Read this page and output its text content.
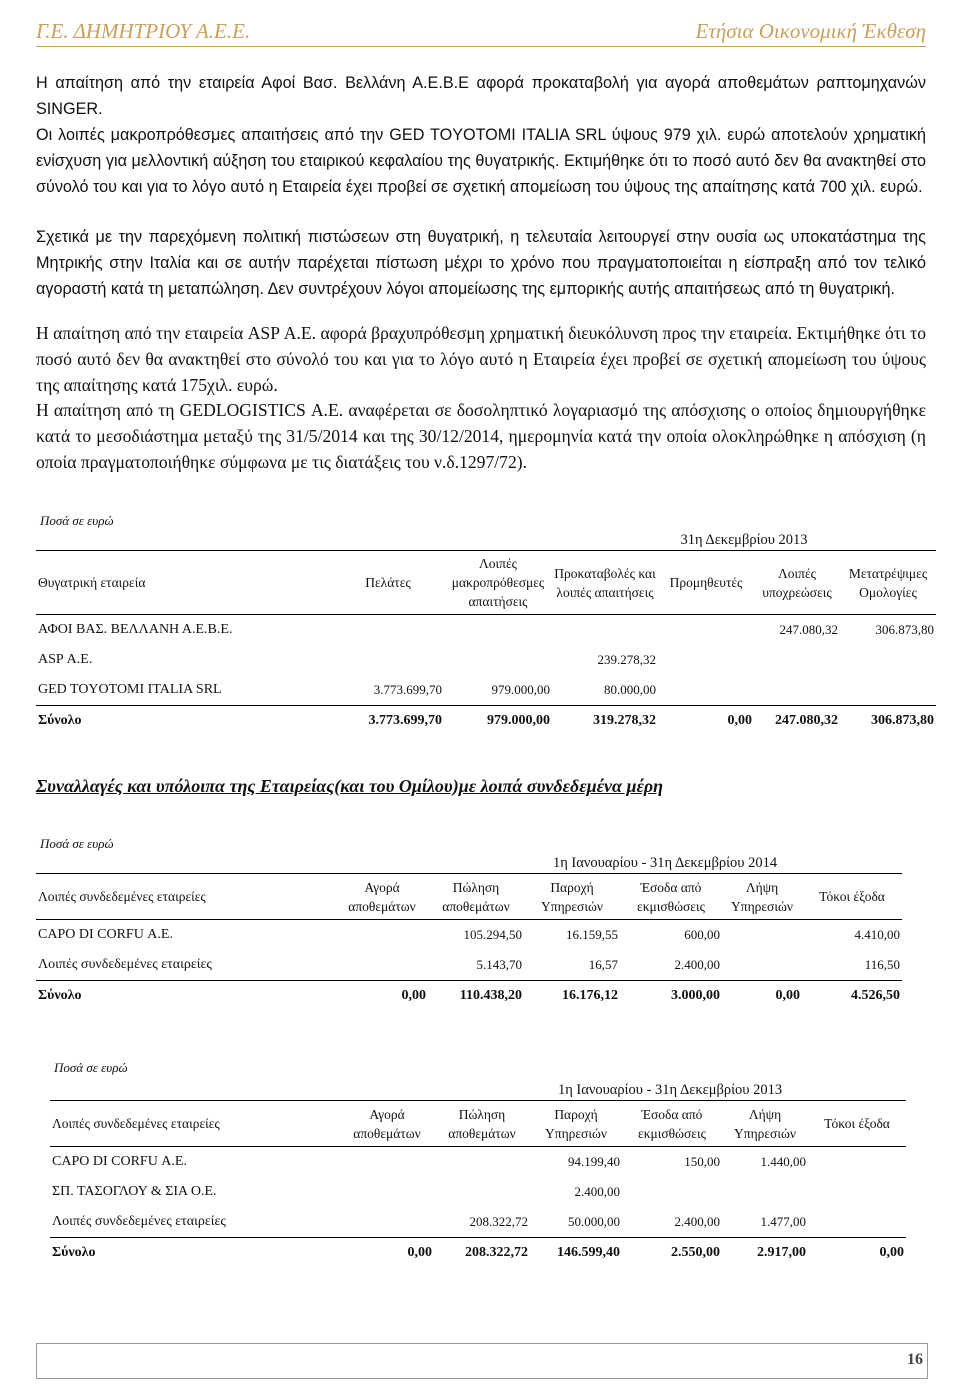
Γ.Ε. ΔΗΜΗΤΡΙΟΥ Α.Ε.Ε.	Ετήσια Οικονομική Έκθεση

Η απαίτηση από την εταιρεία Αφοί Βασ. Βελλάνη Α.Ε.Β.Ε αφορά προκαταβολή για αγορά αποθεμάτων ραπτομηχανών SINGER.

Οι λοιπές μακροπρόθεσμες απαιτήσεις από την GED TOYOTOMI ITALIA SRL ύψους 979 χιλ. ευρώ αποτελούν χρηματική ενίσχυση για μελλοντική αύξηση του εταιρικού κεφαλαίου της θυγατρικής. Εκτιμήθηκε ότι το ποσό αυτό δεν θα ανακτηθεί στο σύνολό του και για το λόγο αυτό η Εταιρεία έχει προβεί σε σχετική απομείωση του ύψους της απαίτησης κατά 700 χιλ. ευρώ.

Σχετικά με την παρεχόμενη πολιτική πιστώσεων στη θυγατρική, η τελευταία λειτουργεί στην ουσία ως υποκατάστημα της Μητρικής στην Ιταλία και σε αυτήν παρέχεται πίστωση μέχρι το χρόνο που πραγματοποιείται η είσπραξη από τον τελικό αγοραστή κατά τη μεταπώληση. Δεν συντρέχουν λόγοι απομείωσης της εμπορικής αυτής απαιτήσεως από τη θυγατρική.

Η απαίτηση από την εταιρεία ASP Α.Ε. αφορά βραχυπρόθεσμη χρηματική διευκόλυνση προς την εταιρεία. Εκτιμήθηκε ότι το ποσό αυτό δεν θα ανακτηθεί στο σύνολό του και για το λόγο αυτό η Εταιρεία έχει προβεί σε σχετική απομείωση του ύψους της απαίτησης κατά 175χιλ. ευρώ.

Η απαίτηση από τη GEDLOGISTICS Α.Ε. αναφέρεται σε δοσοληπτικό λογαριασμό της απόσχισης ο οποίος δημιουργήθηκε κατά το μεσοδιάστημα μεταξύ της 31/5/2014 και της 30/12/2014, ημερομηνία κατά την οποία ολοκληρώθηκε η απόσχιση (η οποία πραγματοποιήθηκε σύμφωνα με τις διατάξεις του ν.δ.1297/72).

Ποσά σε ευρώ
			31η Δεκεμβρίου 2013			
Θυγατρική εταιρεία	Πελάτες	Λοιπές μακροπρόθεσμες απαιτήσεις	Προκαταβολές και λοιπές απαιτήσεις	Προμηθευτές	Λοιπές υποχρεώσεις	Μετατρέψιμες Ομολογίες
ΑΦΟΙ ΒΑΣ. ΒΕΛΛΑΝΗ Α.Ε.Β.Ε.					247.080,32	306.873,80
ASP Α.Ε.			239.278,32			
GED TOYOTOMI ITALIA SRL	3.773.699,70	979.000,00	80.000,00			
Σύνολο	3.773.699,70	979.000,00	319.278,32	0,00	247.080,32	306.873,80
Συναλλαγές και υπόλοιπα της Εταιρείας(και του Ομίλου)με λοιπά συνδεδεμένα μέρη
Ποσά σε ευρώ
		1η Ιανουαρίου - 31η Δεκεμβρίου 2014				
Λοιπές συνδεδεμένες εταιρείες	Αγορά αποθεμάτων	Πώληση αποθεμάτων	Παροχή Υπηρεσιών	Έσοδα από εκμισθώσεις	Λήψη Υπηρεσιών	Τόκοι έξοδα
CAPO DI CORFU Α.Ε.		105.294,50	16.159,55	600,00		4.410,00
Λοιπές συνδεδεμένες εταιρείες		5.143,70	16,57	2.400,00		116,50
Σύνολο	0,00	110.438,20	16.176,12	3.000,00	0,00	4.526,50
Ποσά σε ευρώ
		1η Ιανουαρίου - 31η Δεκεμβρίου 2013				
Λοιπές συνδεδεμένες εταιρείες	Αγορά αποθεμάτων	Πώληση αποθεμάτων	Παροχή Υπηρεσιών	Έσοδα από εκμισθώσεις	Λήψη Υπηρεσιών	Τόκοι έξοδα
CAPO DI CORFU Α.Ε.			94.199,40	150,00	1.440,00	
ΣΠ. ΤΑΣΟΓΛΟΥ & ΣΙΑ Ο.Ε.			2.400,00			
Λοιπές συνδεδεμένες εταιρείες		208.322,72	50.000,00	2.400,00	1.477,00	
Σύνολο	0,00	208.322,72	146.599,40	2.550,00	2.917,00	0,00
16
